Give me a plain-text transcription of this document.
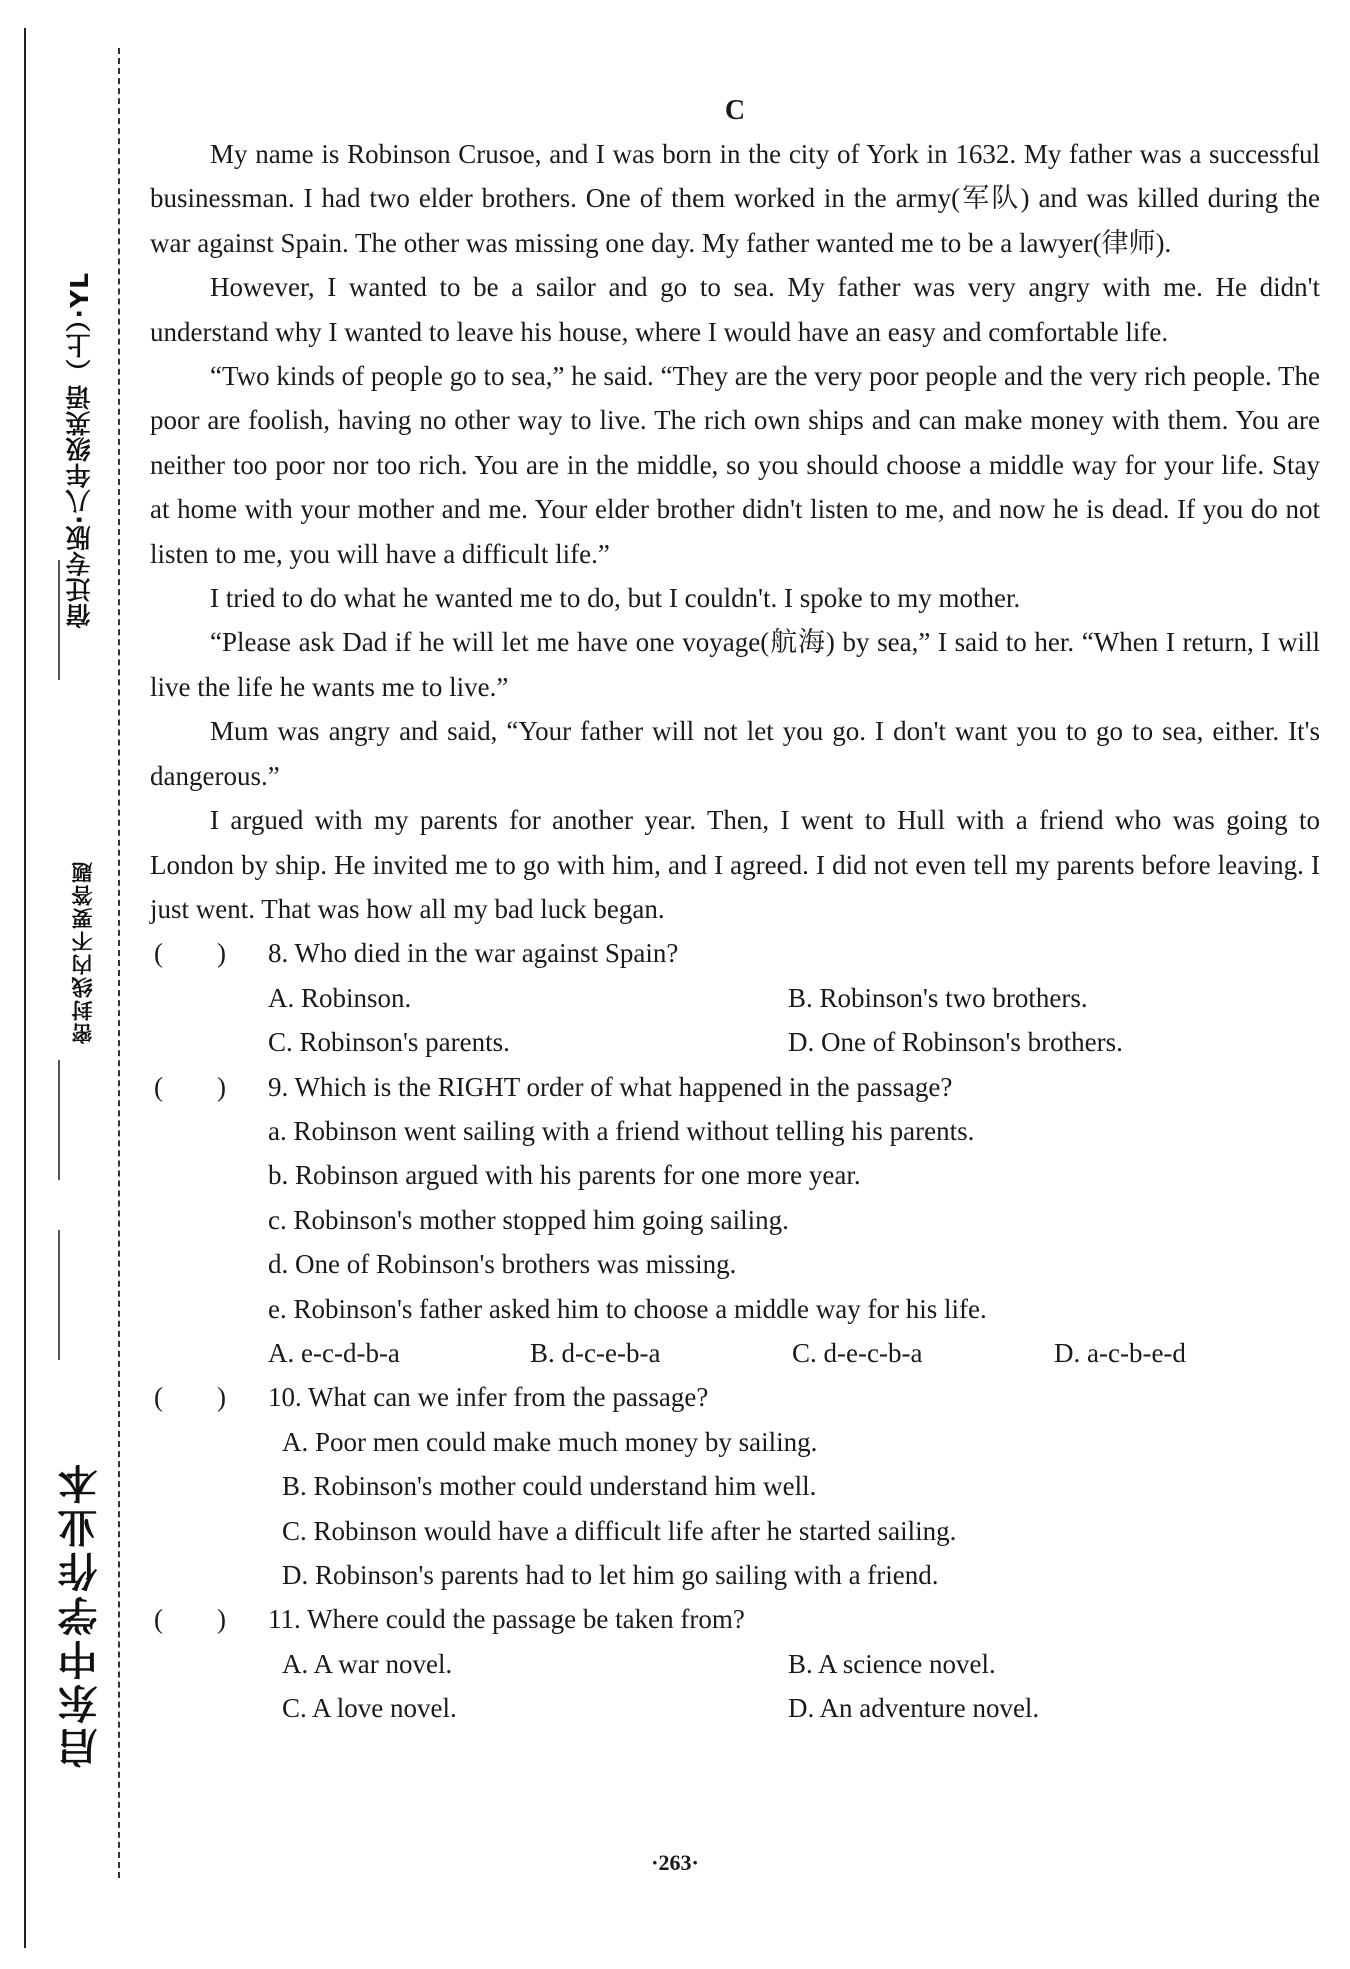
宿迁专版·八年级英语（上）·YL
密封线内不要答题
启东中学作业本

C

My name is Robinson Crusoe, and I was born in the city of York in 1632. My father was a successful businessman. I had two elder brothers. One of them worked in the army(军队) and was killed during the war against Spain. The other was missing one day. My father wanted me to be a lawyer(律师).

However, I wanted to be a sailor and go to sea. My father was very angry with me. He didn't understand why I wanted to leave his house, where I would have an easy and comfortable life.

“Two kinds of people go to sea,” he said. “They are the very poor people and the very rich people. The poor are foolish, having no other way to live. The rich own ships and can make money with them. You are neither too poor nor too rich. You are in the middle, so you should choose a middle way for your life. Stay at home with your mother and me. Your elder brother didn't listen to me, and now he is dead. If you do not listen to me, you will have a difficult life.”

I tried to do what he wanted me to do, but I couldn't. I spoke to my mother.

“Please ask Dad if he will let me have one voyage(航海) by sea,” I said to her. “When I return, I will live the life he wants me to live.”

Mum was angry and said, “Your father will not let you go. I don't want you to go to sea, either. It's dangerous.”

I argued with my parents for another year. Then, I went to Hull with a friend who was going to London by ship. He invited me to go with him, and I agreed. I did not even tell my parents before leaving. I just went. That was how all my bad luck began.

(　　) 8. Who died in the war against Spain?

A. Robinson.	B. Robinson's two brothers.
C. Robinson's parents.	D. One of Robinson's brothers.

(　　) 9. Which is the RIGHT order of what happened in the passage?

a. Robinson went sailing with a friend without telling his parents.

b. Robinson argued with his parents for one more year.

c. Robinson's mother stopped him going sailing.

d. One of Robinson's brothers was missing.

e. Robinson's father asked him to choose a middle way for his life.

A. e-c-d-b-a	B. d-c-e-b-a	C. d-e-c-b-a	D. a-c-b-e-d

(　　) 10. What can we infer from the passage?

A. Poor men could make much money by sailing.
B. Robinson's mother could understand him well.
C. Robinson would have a difficult life after he started sailing.
D. Robinson's parents had to let him go sailing with a friend.

(　　) 11. Where could the passage be taken from?

A. A war novel.	B. A science novel.
C. A love novel.	D. An adventure novel.
·263·
